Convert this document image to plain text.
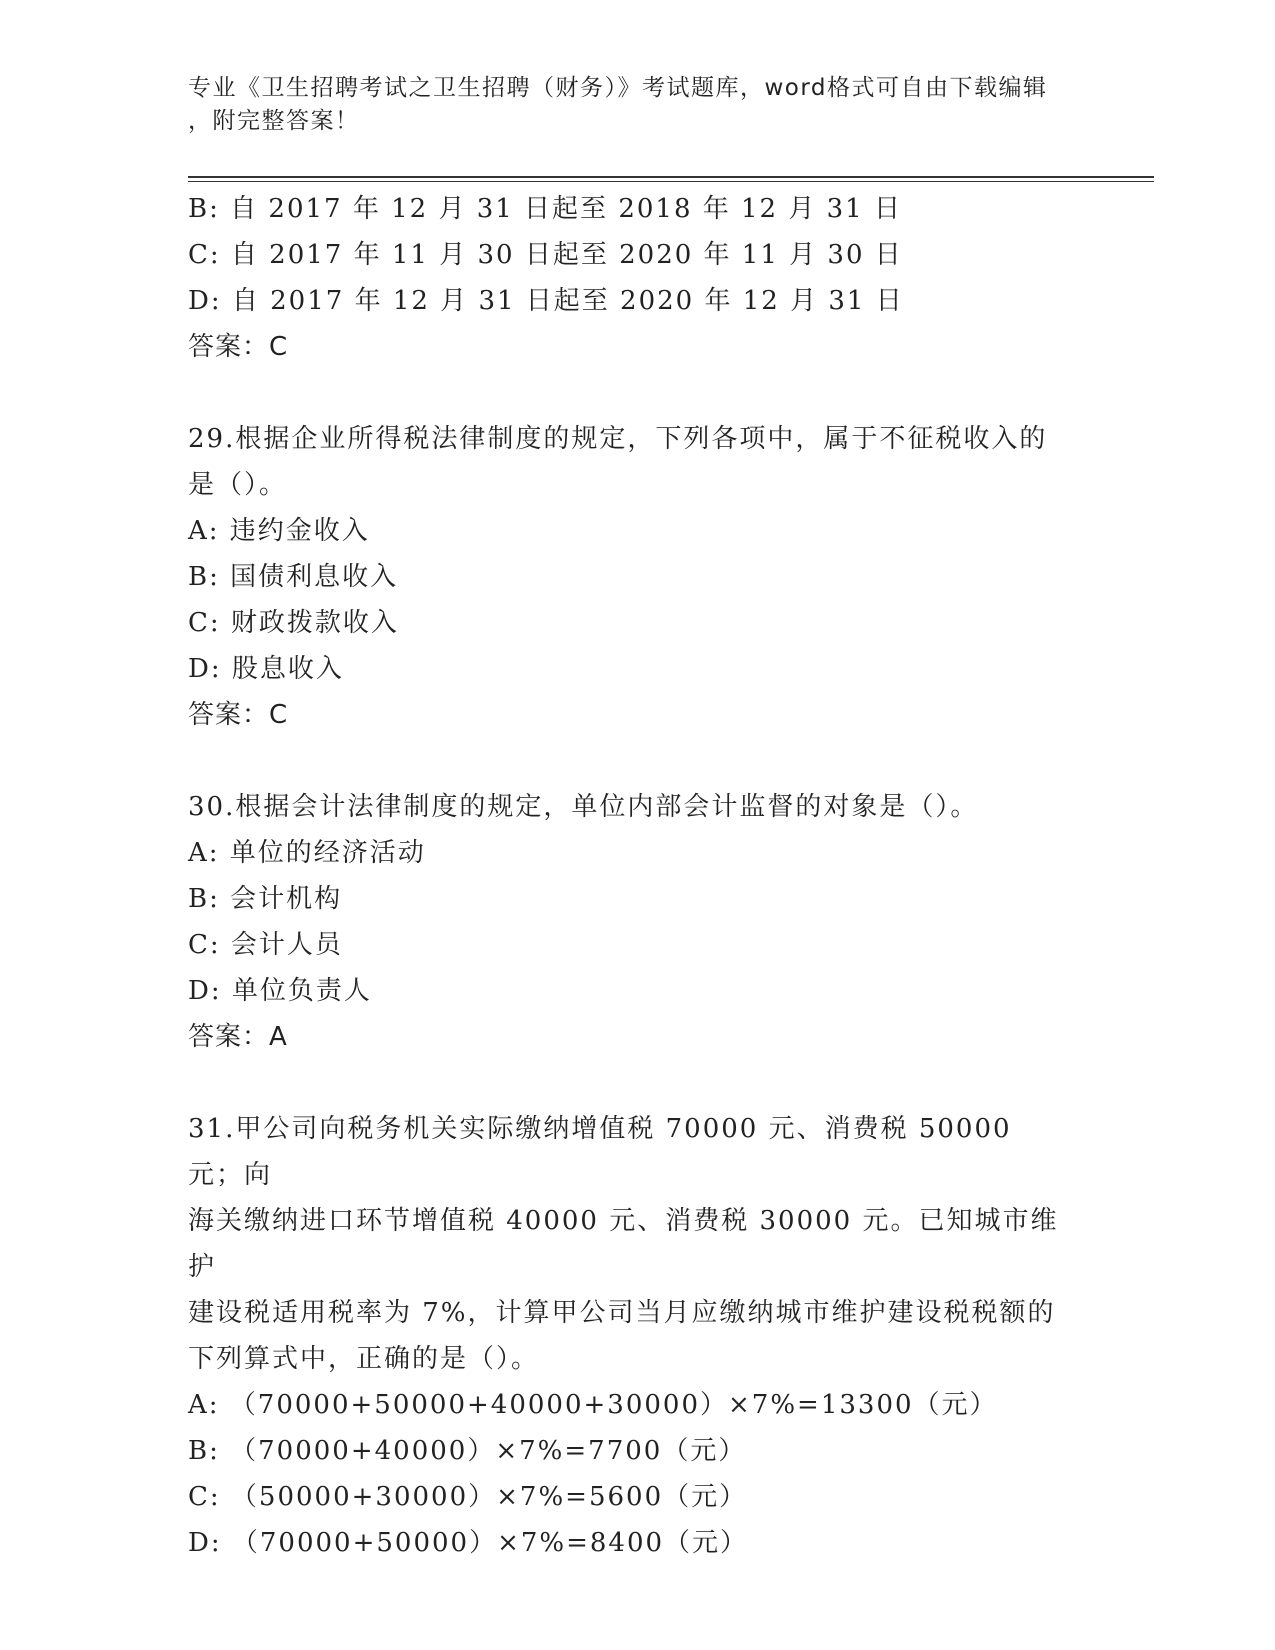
专业《卫生招聘考试之卫生招聘（财务）》考试题库，word格式可自由下载编辑
，附完整答案！
B: 自 2017 年 12 月 31 日起至 2018 年 12 月 31 日
C: 自 2017 年 11 月 30 日起至 2020 年 11 月 30 日
D: 自 2017 年 12 月 31 日起至 2020 年 12 月 31 日
答案：C
29.根据企业所得税法律制度的规定，下列各项中，属于不征税收入的
是（）。
A: 违约金收入
B: 国债利息收入
C: 财政拨款收入
D: 股息收入
答案：C
30.根据会计法律制度的规定，单位内部会计监督的对象是（）。
A: 单位的经济活动
B: 会计机构
C: 会计人员
D: 单位负责人
答案：A
31.甲公司向税务机关实际缴纳增值税 70000 元、消费税 50000 元；向
海关缴纳进口环节增值税 40000 元、消费税 30000 元。已知城市维护
建设税适用税率为 7%，计算甲公司当月应缴纳城市维护建设税税额的
下列算式中，正确的是（）。
A: （70000+50000+40000+30000）×7%=13300（元）
B: （70000+40000）×7%=7700（元）
C: （50000+30000）×7%=5600（元）
D: （70000+50000）×7%=8400（元）
